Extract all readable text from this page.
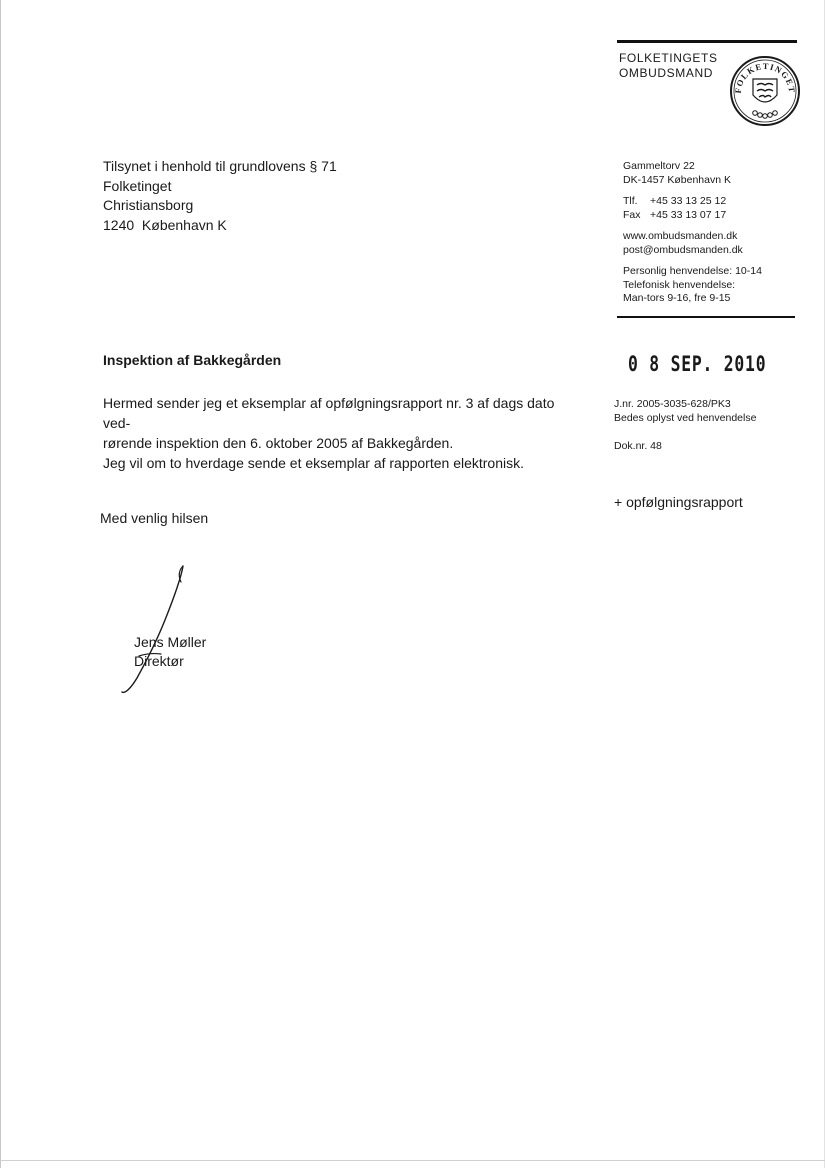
FOLKETINGETS
OMBUDSMAND
FOLKETINGET
Tilsynet i henhold til grundlovens § 71
Folketinget
Christiansborg
1240  København K
Gammeltorv 22
DK-1457 København K
Tlf.	+45 33 13 25 12
Fax +45 33 13 07 17
www.ombudsmanden.dk
post@ombudsmanden.dk
Personlig henvendelse: 10-14
Telefonisk henvendelse:
Man-tors 9-16, fre 9-15
Inspektion af Bakkegården	0 8 SEP. 2010
Hermed sender jeg et eksemplar af opfølgningsrapport nr. 3 af dags dato ved-
rørende inspektion den 6. oktober 2005 af Bakkegården.
Jeg vil om to hverdage sende et eksemplar af rapporten elektronisk.
J.nr. 2005-3035-628/PK3
Bedes oplyst ved henvendelse
Dok.nr. 48
+ opfølgningsrapport
Med venlig hilsen
Jens Møller
Direktør
